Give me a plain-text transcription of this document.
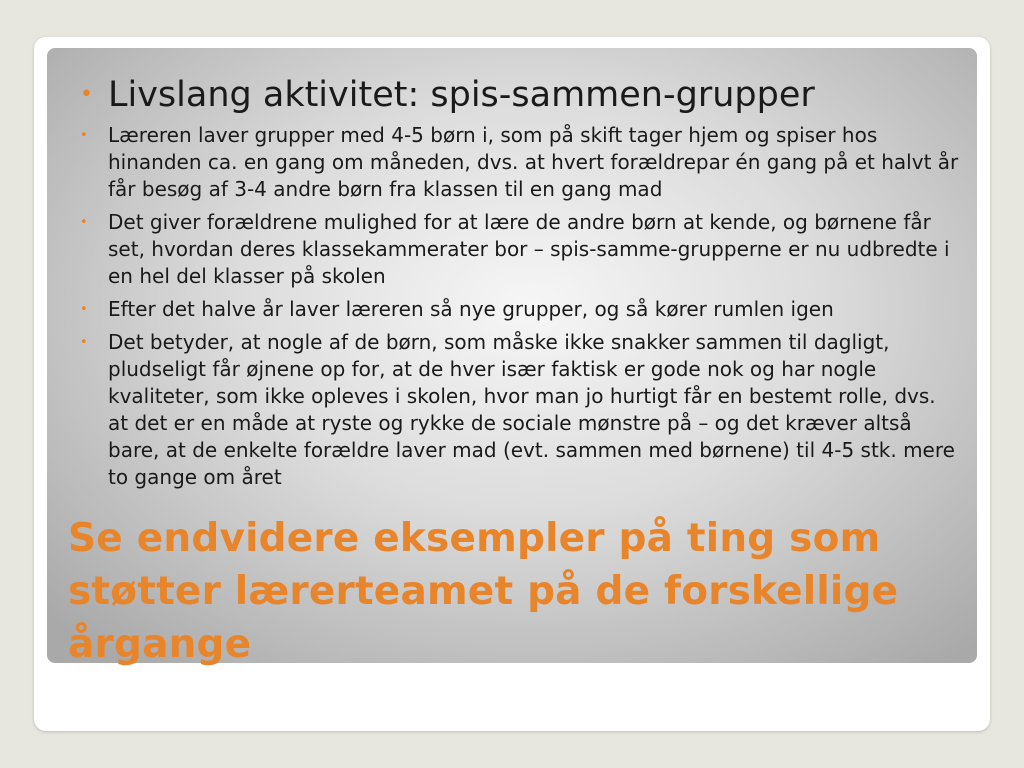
• Livslang aktivitet: spis-sammen-grupper
• Læreren laver grupper med 4-5 børn i, som på skift tager hjem og spiser hos hinanden ca. en gang om måneden, dvs. at hvert forældrepar én gang på et halvt år får besøg af 3-4 andre børn fra klassen til en gang mad
• Det giver forældrene mulighed for at lære de andre børn at kende, og børnene får set, hvordan deres klassekammerater bor – spis-samme-grupperne er nu udbredte i en hel del klasser på skolen
• Efter det halve år laver læreren så nye grupper, og så kører rumlen igen
• Det betyder, at nogle af de børn, som måske ikke snakker sammen til dagligt, pludseligt får øjnene op for, at de hver især faktisk er gode nok og har nogle kvaliteter, som ikke opleves i skolen, hvor man jo hurtigt får en bestemt rolle, dvs. at det er en måde at ryste og rykke de sociale mønstre på – og det kræver altså bare, at de enkelte forældre laver mad (evt. sammen med børnene) til 4-5 stk. mere to gange om året
Se endvidere eksempler på ting som støtter lærerteamet på de forskellige årgange
